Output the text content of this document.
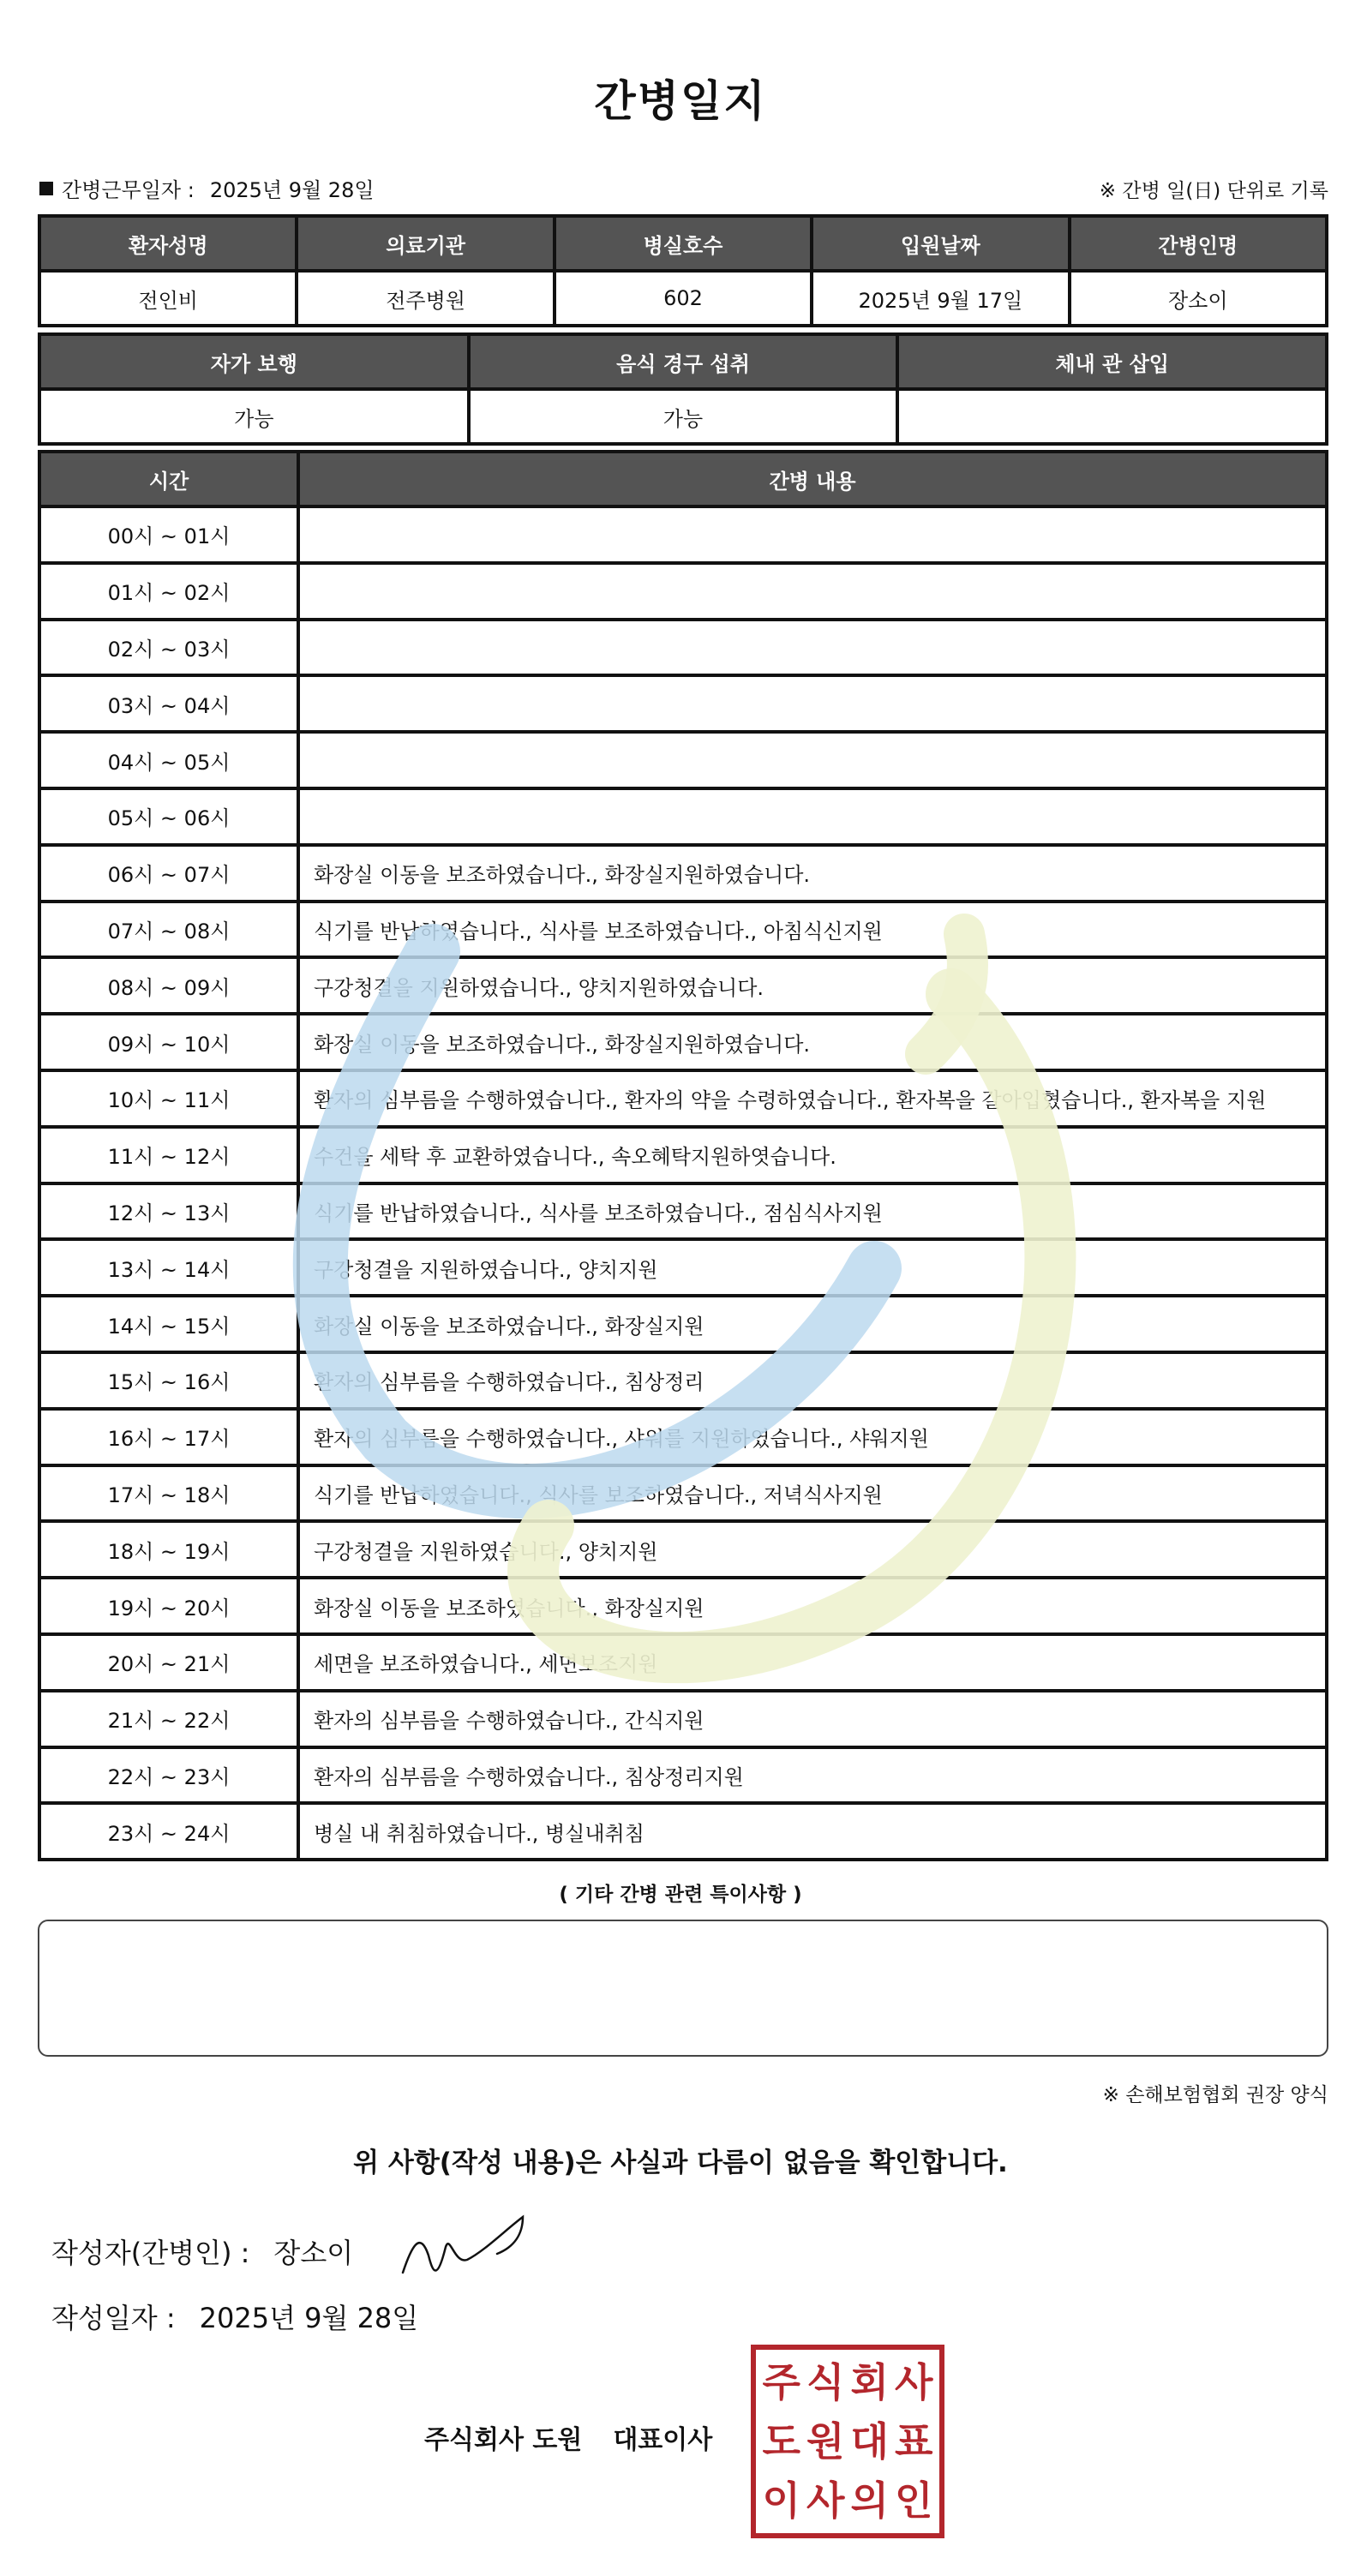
간병일지
간병근무일자 : 2025년 9월 28일	※ 간병 일(日) 단위로 기록
환자성명	의료기관	병실호수	입원날짜	간병인명
전인비	전주병원	602	2025년 9월 17일	장소이
자가 보행	음식 경구 섭취	체내 관 삽입
가능	가능	
시간	간병 내용
00시 ~ 01시	
01시 ~ 02시	
02시 ~ 03시	
03시 ~ 04시	
04시 ~ 05시	
05시 ~ 06시	
06시 ~ 07시	화장실 이동을 보조하였습니다., 화장실지원하였습니다.
07시 ~ 08시	식기를 반납하였습니다., 식사를 보조하였습니다., 아침식신지원
08시 ~ 09시	구강청결을 지원하였습니다., 양치지원하였습니다.
09시 ~ 10시	화장실 이동을 보조하였습니다., 화장실지원하였습니다.
10시 ~ 11시	환자의 심부름을 수행하였습니다., 환자의 약을 수령하였습니다., 환자복을 갈아입혔습니다., 환자복을 지원
11시 ~ 12시	수건을 세탁 후 교환하였습니다., 속오혜탁지원하엿습니다.
12시 ~ 13시	식기를 반납하였습니다., 식사를 보조하였습니다., 점심식사지원
13시 ~ 14시	구강청결을 지원하였습니다., 양치지원
14시 ~ 15시	화장실 이동을 보조하였습니다., 화장실지원
15시 ~ 16시	환자의 심부름을 수행하였습니다., 침상정리
16시 ~ 17시	환자의 심부름을 수행하였습니다., 샤워를 지원하였습니다., 샤워지원
17시 ~ 18시	식기를 반납하였습니다., 식사를 보조하였습니다., 저녁식사지원
18시 ~ 19시	구강청결을 지원하였습니다., 양치지원
19시 ~ 20시	화장실 이동을 보조하였습니다., 화장실지원
20시 ~ 21시	세면을 보조하였습니다., 세면보조지원
21시 ~ 22시	환자의 심부름을 수행하였습니다., 간식지원
22시 ~ 23시	환자의 심부름을 수행하였습니다., 침상정리지원
23시 ~ 24시	병실 내 취침하였습니다., 병실내취침
( 기타 간병 관련 특이사항 )
※ 손해보험협회 권장 양식
위 사항(작성 내용)은 사실과 다름이 없음을 확인합니다.
작성자(간병인) : 장소이
작성일자 : 2025년 9월 28일
주식회사 도원 대표이사
주 식 회 사
도 원 대 표
이 사 의 인
